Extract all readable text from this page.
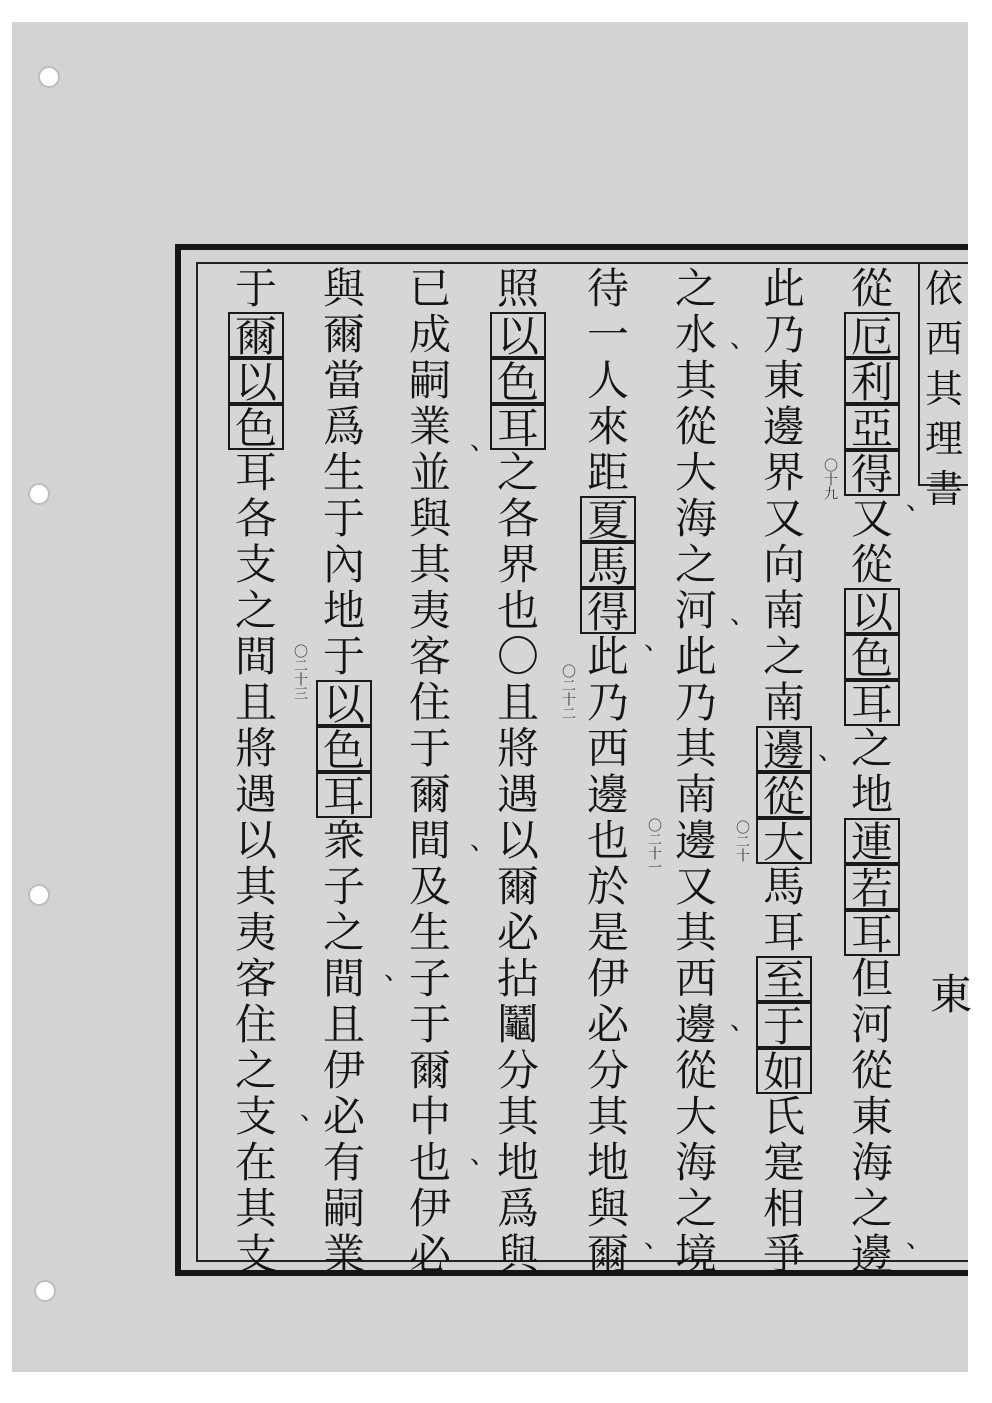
依
西
其
理
書
從
厄
利
亞
得
又
從
以
色
耳
之
地
連
若
耳
但
河
從
東
海
之
邊
此
乃
東
邊
界
又
向
南
之
南
邊
從
大
馬
耳
至
于
如
氏
寔
相
爭
之
水
其
從
大
海
之
河
此
乃
其
南
邊
又
其
西
邊
從
大
海
之
境
待
一
人
來
距
夏
馬
得
此
乃
西
邊
也
於
是
伊
必
分
其
地
與
爾
照
以
色
耳
之
各
界
也
〇
且
將
遇
以
爾
必
拈
鬮
分
其
地
爲
與
已
成
嗣
業
並
與
其
夷
客
住
于
爾
間
及
生
子
于
爾
中
也
伊
必
與
爾
當
爲
生
于
內
地
于
以
色
耳
衆
子
之
間
且
伊
必
有
嗣
業
于
爾
以
色
耳
各
支
之
間
且
將
遇
以
其
夷
客
住
之
支
在
其
支
〇十九
〇二十
〇二十一
〇二十二
〇二十三
、
、
、
、
、
、
、
、
、
、
、
、
、
東
